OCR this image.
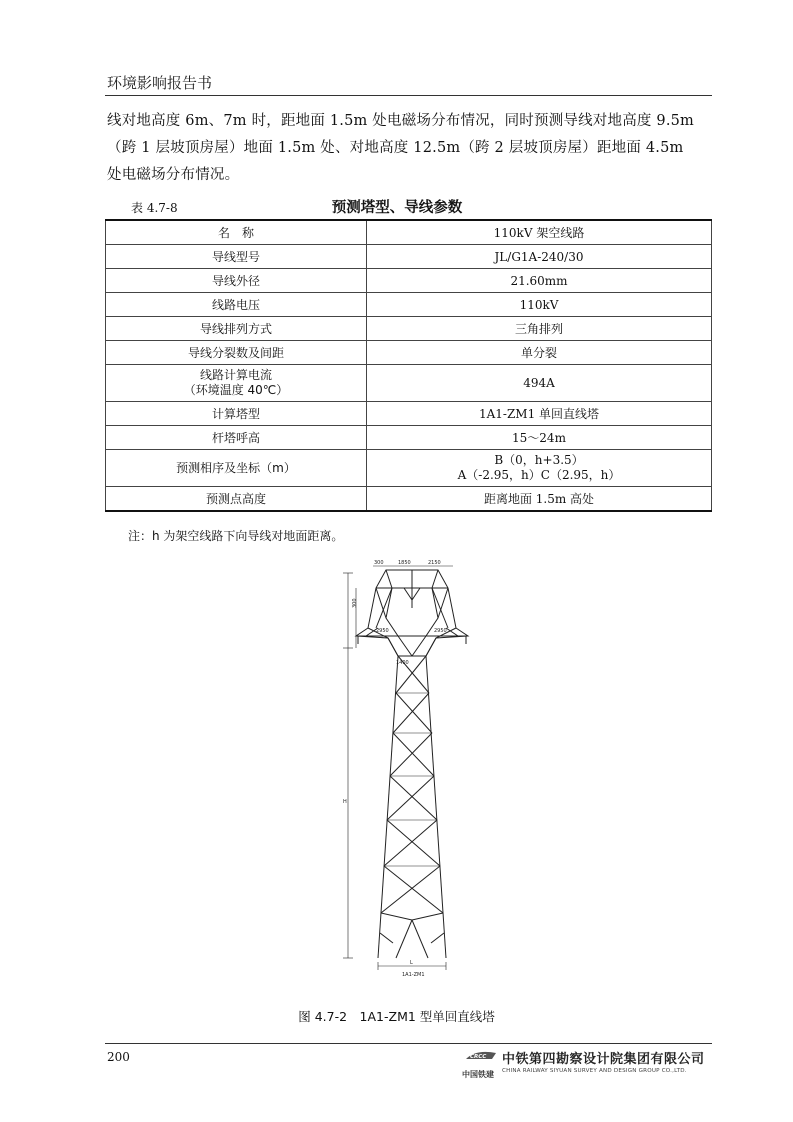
环境影响报告书

线对地高度 6m、7m 时，距地面 1.5m 处电磁场分布情况，同时预测导线对地高度 9.5m

（跨 1 层坡顶房屋）地面 1.5m 处、对地高度 12.5m（跨 2 层坡顶房屋）距地面 4.5m

处电磁场分布情况。

表 4.7-8	预测塔型、导线参数
名　称	110kV 架空线路
导线型号	JL/G1A-240/30
导线外径	21.60mm
线路电压	110kV
导线排列方式	三角排列
导线分裂数及间距	单分裂

线路计算电流
（环境温度 40℃）	494A
计算塔型	1A1-ZM1 单回直线塔
杆塔呼高	15～24m
预测相序及坐标（m）	B（0，h+3.5）
A（-2.95，h）C（2.95，h）

预测点高度	距离地面 1.5m 高处
注：h 为架空线路下向导线对地面距离。
300	1850	2150
300
2950	2950
1400
H
L
1A1-ZM1
图 4.7-2　1A1-ZM1 型单回直线塔
200	CRCC
中国铁建
中铁第四勘察设计院集团有限公司
CHINA RAILWAY SIYUAN SURVEY AND DESIGN GROUP CO.,LTD.
